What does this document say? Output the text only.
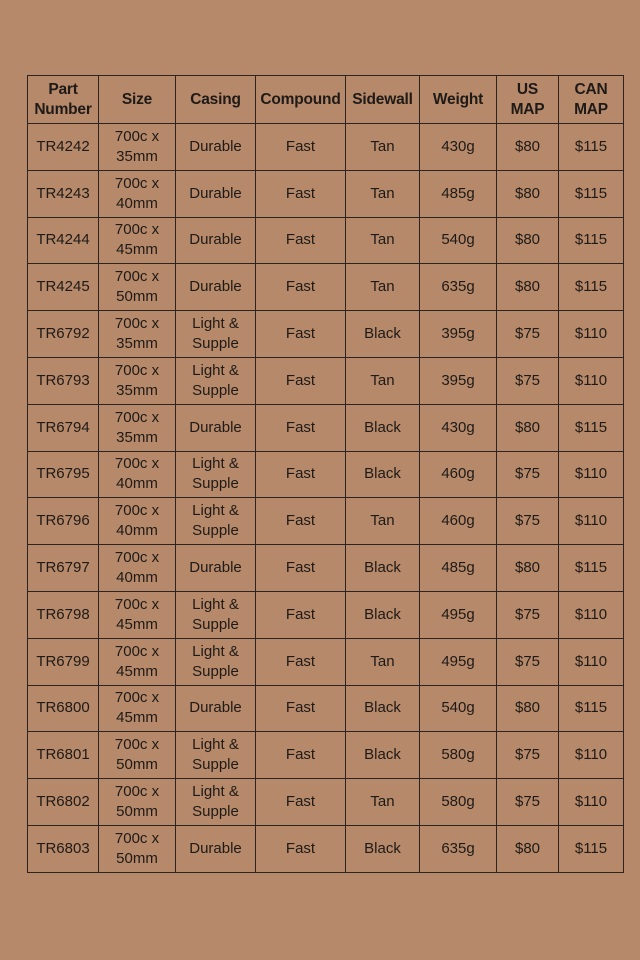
Part
Number	Size	Casing	Compound	Sidewall	Weight	US
MAP	CAN
MAP
TR4242	700c x
35mm	Durable	Fast	Tan	430g	$80	$115
TR4243	700c x
40mm	Durable	Fast	Tan	485g	$80	$115
TR4244	700c x
45mm	Durable	Fast	Tan	540g	$80	$115
TR4245	700c x
50mm	Durable	Fast	Tan	635g	$80	$115
TR6792	700c x
35mm	Light &
Supple	Fast	Black	395g	$75	$110
TR6793	700c x
35mm	Light &
Supple	Fast	Tan	395g	$75	$110
TR6794	700c x
35mm	Durable	Fast	Black	430g	$80	$115
TR6795	700c x
40mm	Light &
Supple	Fast	Black	460g	$75	$110
TR6796	700c x
40mm	Light &
Supple	Fast	Tan	460g	$75	$110
TR6797	700c x
40mm	Durable	Fast	Black	485g	$80	$115
TR6798	700c x
45mm	Light &
Supple	Fast	Black	495g	$75	$110
TR6799	700c x
45mm	Light &
Supple	Fast	Tan	495g	$75	$110
TR6800	700c x
45mm	Durable	Fast	Black	540g	$80	$115
TR6801	700c x
50mm	Light &
Supple	Fast	Black	580g	$75	$110
TR6802	700c x
50mm	Light &
Supple	Fast	Tan	580g	$75	$110
TR6803	700c x
50mm	Durable	Fast	Black	635g	$80	$115
